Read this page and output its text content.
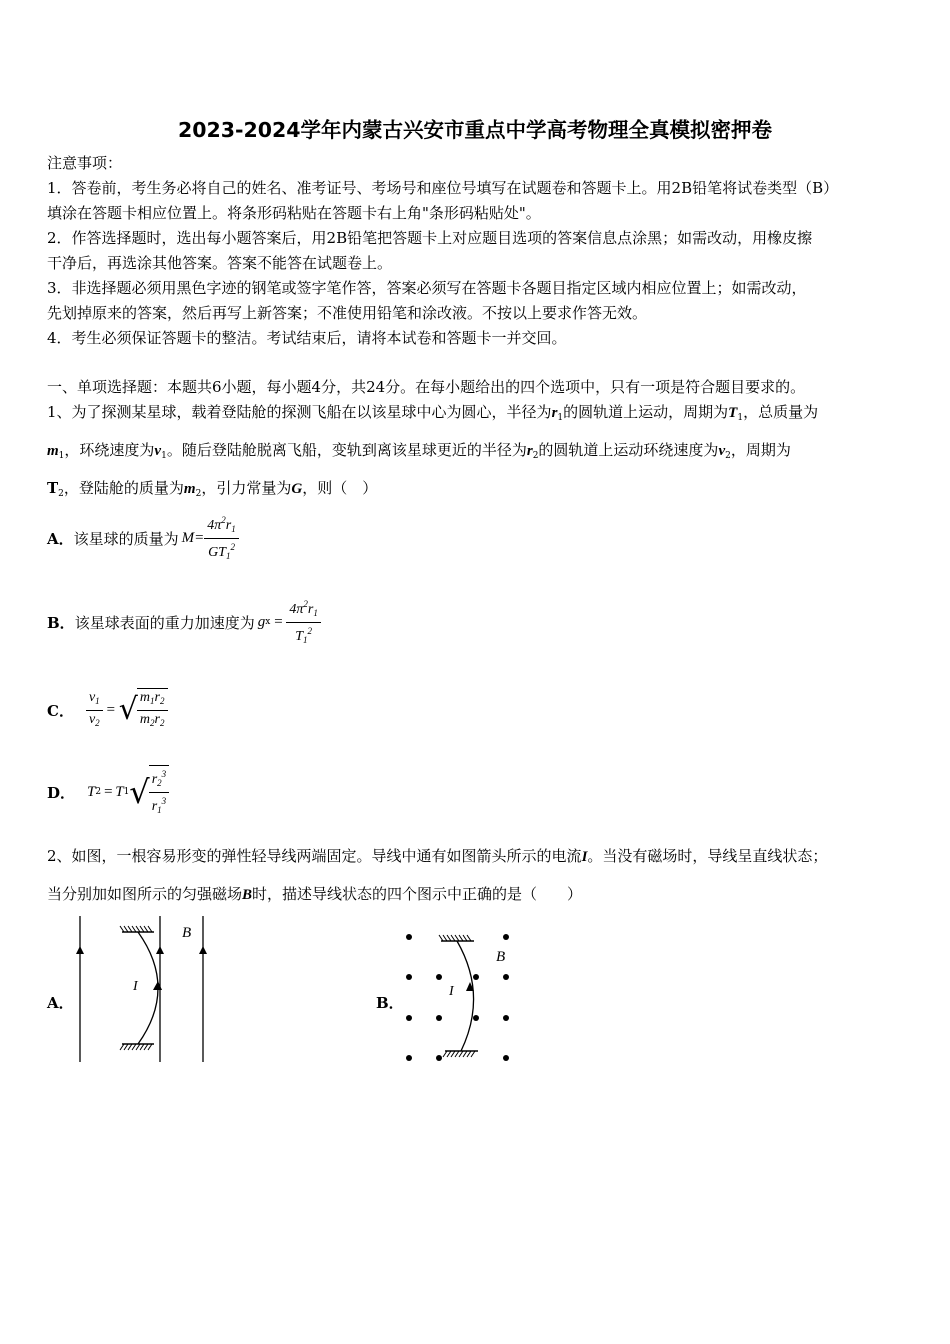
2023-2024学年内蒙古兴安市重点中学高考物理全真模拟密押卷
注意事项：
1．答卷前，考生务必将自己的姓名、准考证号、考场号和座位号填写在试题卷和答题卡上。用2B铅笔将试卷类型（B）
填涂在答题卡相应位置上。将条形码粘贴在答题卡右上角"条形码粘贴处"。
2．作答选择题时，选出每小题答案后，用2B铅笔把答题卡上对应题目选项的答案信息点涂黑；如需改动，用橡皮擦
干净后，再选涂其他答案。答案不能答在试题卷上。
3．非选择题必须用黑色字迹的钢笔或签字笔作答，答案必须写在答题卡各题目指定区域内相应位置上；如需改动，
先划掉原来的答案，然后再写上新答案；不准使用铅笔和涂改液。不按以上要求作答无效。
4．考生必须保证答题卡的整洁。考试结束后，请将本试卷和答题卡一并交回。
一、单项选择题：本题共6小题，每小题4分，共24分。在每小题给出的四个选项中，只有一项是符合题目要求的。
1、为了探测某星球，载着登陆舱的探测飞船在以该星球中心为圆心，半径为$r_1$的圆轨道上运动，周期为$T_1$，总质量为
$m_1$，环绕速度为$v_1$。随后登陆舱脱离飞船，变轨到离该星球更近的半径为$r_2$的圆轨道上运动环绕速度为$v_2$，周期为
$T_2$，登陆舱的质量为$m_2$，引力常量为G，则（　）
A． 该星球的质量为 $M = \frac{4\pi^2r_1}{GT_1^2}$
B． 该星球表面的重力加速度为 g $x = \frac{4\pi^2r_1}{T_1^2}$
C． $\frac{v_1}{v_2}$ = √ $\frac{m_1r_2}{m_2r_2}$
D． T 2 = T 1 √ $\frac{r_2^3}{r_1^3}$
2、如图，一根容易形变的弹性轻导线两端固定。导线中通有如图箭头所示的电流I。当没有磁场时，导线呈直线状态；
当分别加如图所示的匀强磁场B时，描述导线状态的四个图示中正确的是（　　）
A．
I
B
B．
I
B
